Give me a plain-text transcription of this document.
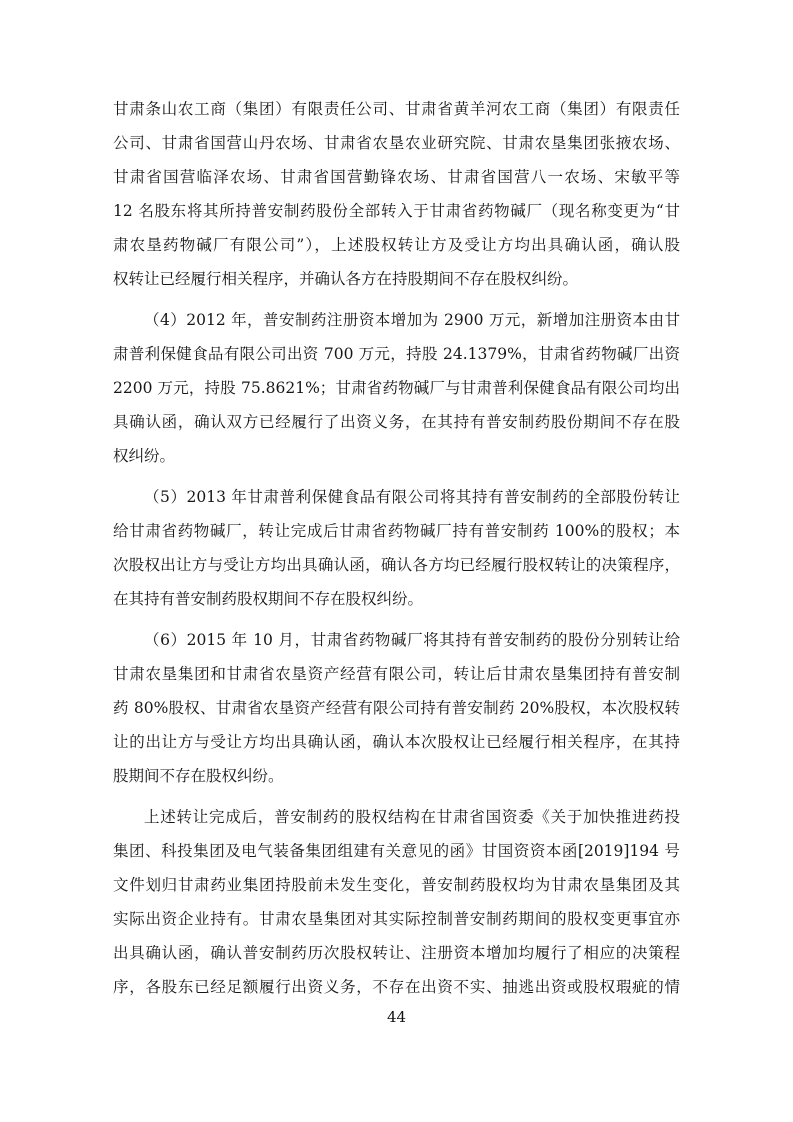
甘肃条山农工商（集团）有限责任公司、甘肃省黄羊河农工商（集团）有限责任
公司、甘肃省国营山丹农场、甘肃省农垦农业研究院、甘肃农垦集团张掖农场、
甘肃省国营临泽农场、甘肃省国营勤锋农场、甘肃省国营八一农场、宋敏平等
12 名股东将其所持普安制药股份全部转入于甘肃省药物碱厂（现名称变更为“甘
肃农垦药物碱厂有限公司”），上述股权转让方及受让方均出具确认函，确认股
权转让已经履行相关程序，并确认各方在持股期间不存在股权纠纷。
（4）2012 年，普安制药注册资本增加为 2900 万元，新增加注册资本由甘
肃普利保健食品有限公司出资 700 万元，持股 24.1379%，甘肃省药物碱厂出资
2200 万元，持股 75.8621%；甘肃省药物碱厂与甘肃普利保健食品有限公司均出
具确认函，确认双方已经履行了出资义务，在其持有普安制药股份期间不存在股
权纠纷。
（5）2013 年甘肃普利保健食品有限公司将其持有普安制药的全部股份转让
给甘肃省药物碱厂，转让完成后甘肃省药物碱厂持有普安制药 100%的股权；本
次股权出让方与受让方均出具确认函，确认各方均已经履行股权转让的决策程序，
在其持有普安制药股权期间不存在股权纠纷。
（6）2015 年 10 月，甘肃省药物碱厂将其持有普安制药的股份分别转让给
甘肃农垦集团和甘肃省农垦资产经营有限公司，转让后甘肃农垦集团持有普安制
药 80%股权、甘肃省农垦资产经营有限公司持有普安制药 20%股权，本次股权转
让的出让方与受让方均出具确认函，确认本次股权让已经履行相关程序，在其持
股期间不存在股权纠纷。
上述转让完成后，普安制药的股权结构在甘肃省国资委《关于加快推进药投
集团、科投集团及电气装备集团组建有关意见的函》甘国资资本函[2019]194 号
文件划归甘肃药业集团持股前未发生变化，普安制药股权均为甘肃农垦集团及其
实际出资企业持有。甘肃农垦集团对其实际控制普安制药期间的股权变更事宜亦
出具确认函，确认普安制药历次股权转让、注册资本增加均履行了相应的决策程
序，各股东已经足额履行出资义务，不存在出资不实、抽逃出资或股权瑕疵的情
44
